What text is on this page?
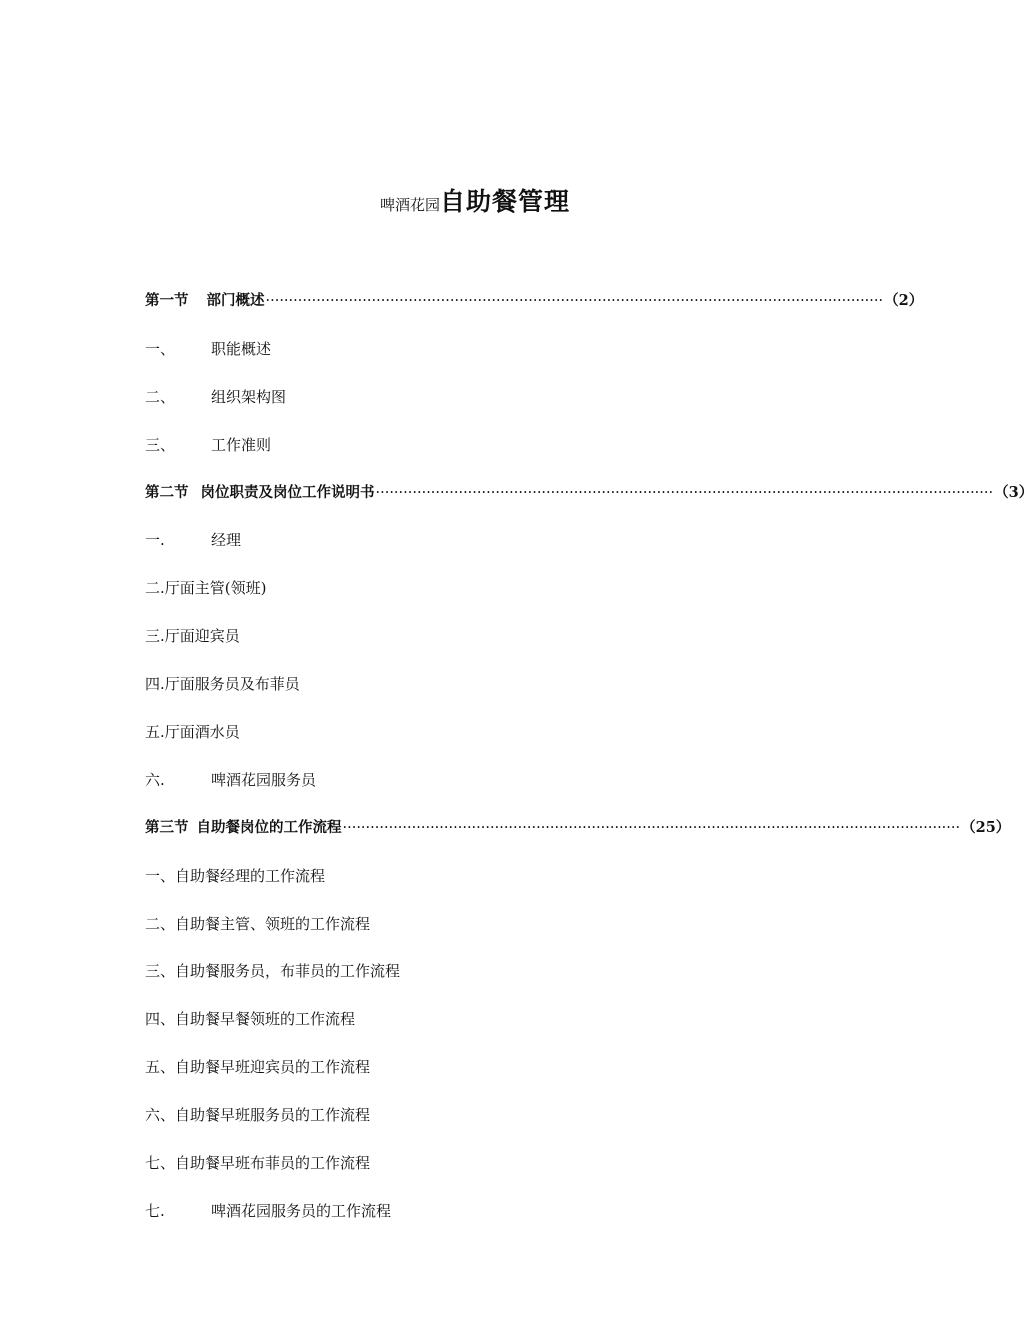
啤酒花园自助餐管理
第一节 部门概述 ······································································································································ （2）
一、	职能概述
二、	组织架构图
三、	工作准则
第二节 岗位职责及岗位工作说明书 ······································································································································ （3）
一.	经理
二. 厅面主管(领班)
三. 厅面迎宾员
四. 厅面服务员及布菲员
五. 厅面酒水员
六.	啤酒花园服务员
第三节 自助餐岗位的工作流程 ······································································································································ （25）
一、 自助餐经理的工作流程
二、 自助餐主管、领班的工作流程
三、 自助餐服务员，布菲员的工作流程
四、 自助餐早餐领班的工作流程
五、 自助餐早班迎宾员的工作流程
六、 自助餐早班服务员的工作流程
七、 自助餐早班布菲员的工作流程
七.	啤酒花园服务员的工作流程
